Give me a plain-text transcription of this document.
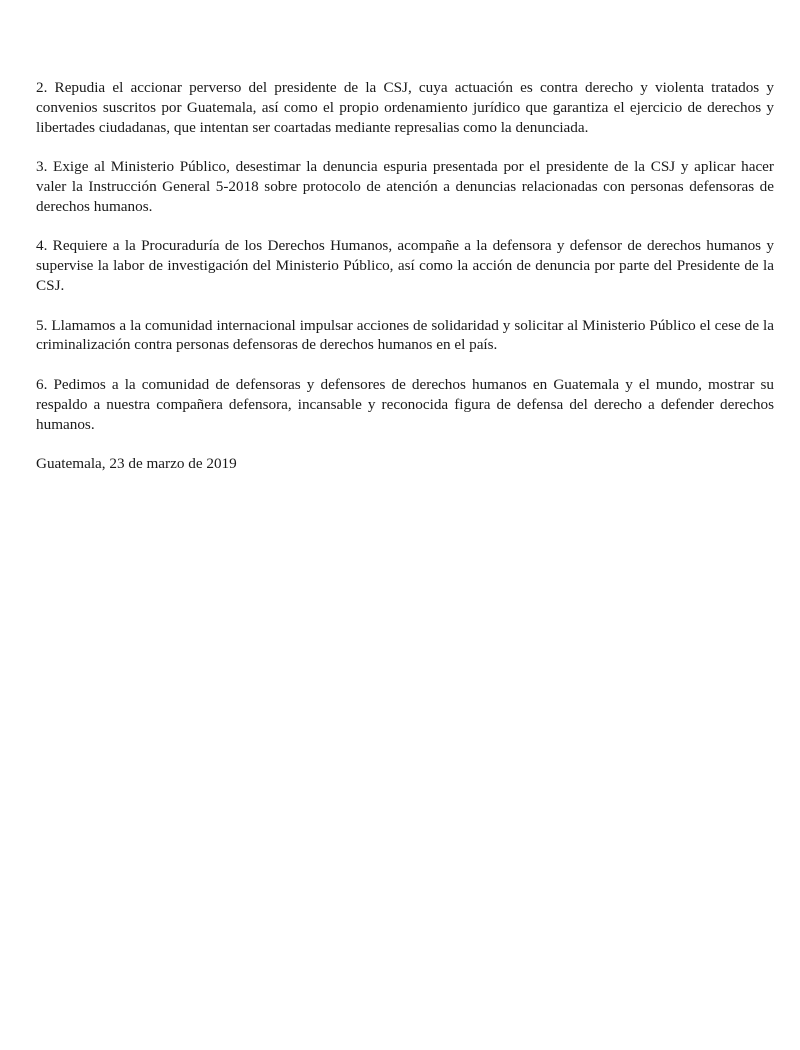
2. Repudia el accionar perverso del presidente de la CSJ, cuya actuación es contra derecho y violenta tratados y convenios suscritos por Guatemala, así como el propio ordenamiento jurídico que garantiza el ejercicio de derechos y libertades ciudadanas, que intentan ser coartadas mediante represalias como la denunciada.

3. Exige al Ministerio Público, desestimar la denuncia espuria presentada por el presidente de la CSJ y aplicar hacer valer la Instrucción General 5-2018 sobre protocolo de atención a denuncias relacionadas con personas defensoras de derechos humanos.

4. Requiere a la Procuraduría de los Derechos Humanos, acompañe a la defensora y defensor de derechos humanos y supervise la labor de investigación del Ministerio Público, así como la acción de denuncia por parte del Presidente de la CSJ.

5. Llamamos a la comunidad internacional impulsar acciones de solidaridad y solicitar al Ministerio Público el cese de la criminalización contra personas defensoras de derechos humanos en el país.

6. Pedimos a la comunidad de defensoras y defensores de derechos humanos en Guatemala y el mundo, mostrar su respaldo a nuestra compañera defensora, incansable y reconocida figura de defensa del derecho a defender derechos humanos.

Guatemala, 23 de marzo de 2019
